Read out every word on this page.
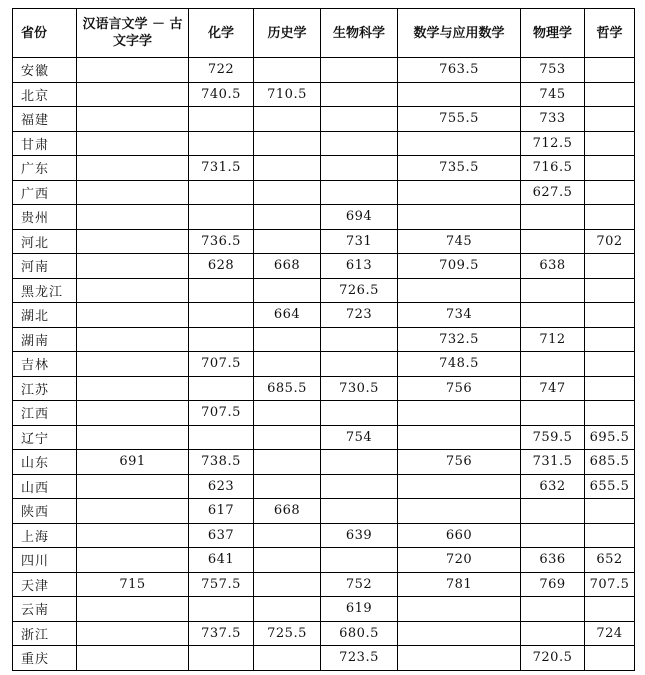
省份	汉语言文学 － 古文字学	化学	历史学	生物科学	数学与应用数学	物理学	哲学
安徽		722			763.5	753	
北京		740.5	710.5			745	
福建					755.5	733	
甘肃						712.5	
广东		731.5			735.5	716.5	
广西						627.5	
贵州				694			
河北		736.5		731	745		702
河南		628	668	613	709.5	638	
黑龙江				726.5			
湖北			664	723	734		
湖南					732.5	712	
吉林		707.5			748.5		
江苏			685.5	730.5	756	747	
江西		707.5					
辽宁				754		759.5	695.5
山东	691	738.5			756	731.5	685.5
山西		623				632	655.5
陕西		617	668				
上海		637		639	660		
四川		641			720	636	652
天津	715	757.5		752	781	769	707.5
云南				619			
浙江		737.5	725.5	680.5			724
重庆				723.5		720.5	
